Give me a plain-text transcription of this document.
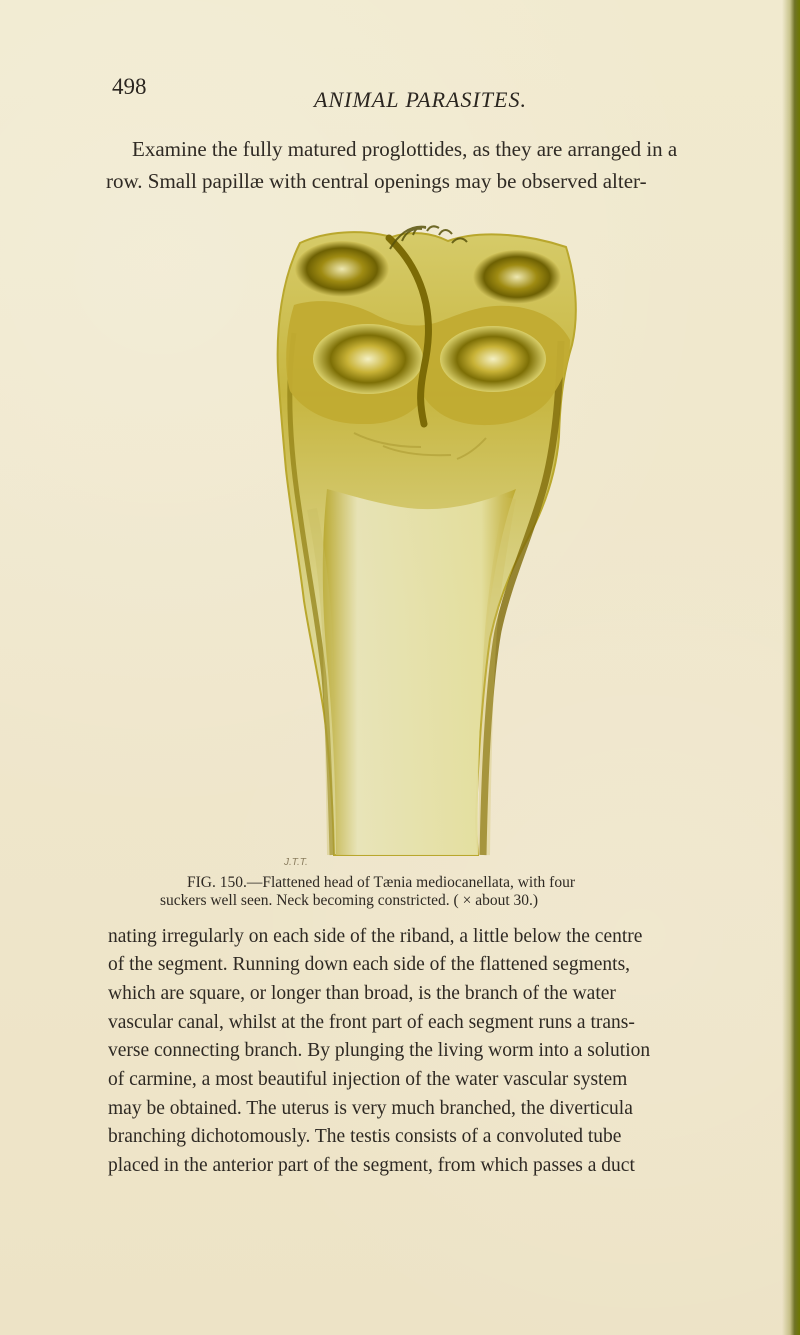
498
ANIMAL PARASITES.
Examine the fully matured proglottides, as they are arranged in a
row. Small papillæ with central openings may be observed alter-
J.T.T.
FIG. 150.—Flattened head of Tænia mediocanellata, with four
suckers well seen. Neck becoming constricted. ( × about 30.)
nating irregularly on each side of the riband, a little below the centre
of the segment. Running down each side of the flattened segments,
which are square, or longer than broad, is the branch of the water
vascular canal, whilst at the front part of each segment runs a trans-
verse connecting branch. By plunging the living worm into a solution
of carmine, a most beautiful injection of the water vascular system
may be obtained. The uterus is very much branched, the diverticula
branching dichotomously. The testis consists of a convoluted tube
placed in the anterior part of the segment, from which passes a duct
